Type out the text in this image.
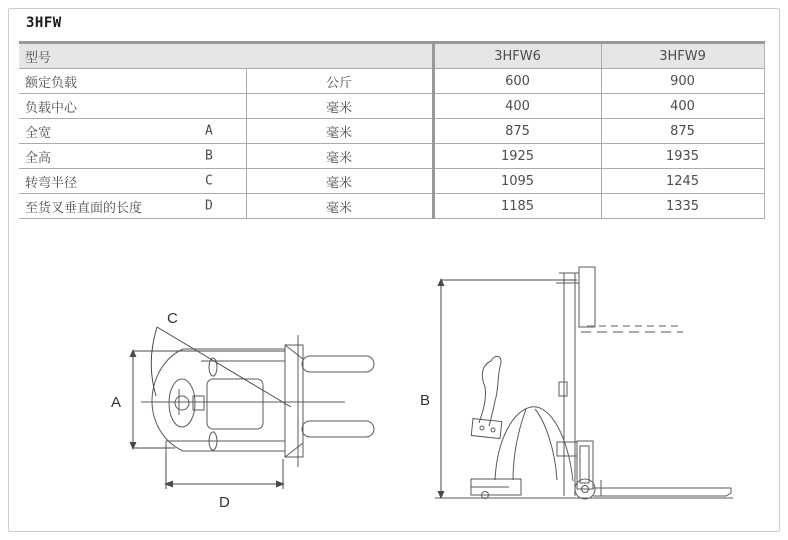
3HFW
型号		3HFW6	3HFW9
额定负载	公斤	600	900
负载中心	毫米	400	400
全宽 A	毫米	875	875
全高 B	毫米	1925	1935
转弯半径 C	毫米	1095	1245
至货叉垂直面的长度 D	毫米	1185	1335
A
C
D
B
